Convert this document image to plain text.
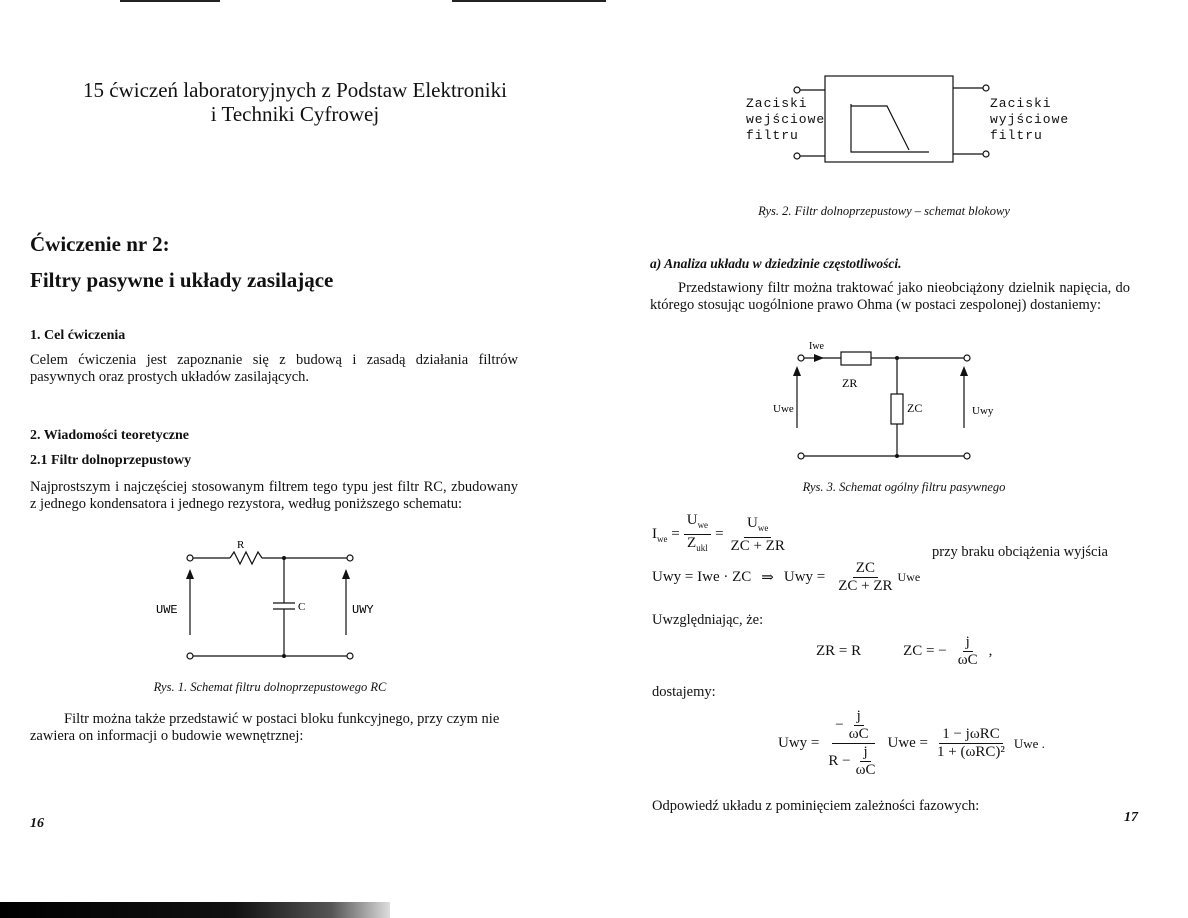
15 ćwiczeń laboratoryjnych z Podstaw Elektroniki
i Techniki Cyfrowej
Ćwiczenie nr 2:
Filtry pasywne i układy zasilające
1. Cel ćwiczenia
Celem ćwiczenia jest zapoznanie się z budową i zasadą działania filtrów pasywnych oraz prostych układów zasilających.
2. Wiadomości teoretyczne
2.1 Filtr dolnoprzepustowy
Najprostszym i najczęściej stosowanym filtrem tego typu jest filtr RC, zbudowany z jednego kondensatora i jednego rezystora, według poniższego schematu:
R
C
UWE	UWY
Rys. 1. Schemat filtru dolnoprzepustowego RC
Filtr można także przedstawić w postaci bloku funkcyjnego, przy czym nie zawiera on informacji o budowie wewnętrznej:
16
Zaciski
wejściowe
filtru
Zaciski
wyjściowe
filtru
Rys. 2. Filtr dolnoprzepustowy – schemat blokowy
a) Analiza układu w dziedzinie częstotliwości.
Przedstawiony filtr można traktować jako nieobciążony dzielnik napięcia, do którego stosując uogólnione prawo Ohma (w postaci zespolonej) dostaniemy:
Iwe
ZR
ZC
Uwe	Uwy
Rys. 3. Schemat ogólny filtru pasywnego
$I_{we} = \frac{U_{we}}{Z_{ukl}} = \frac{U_{we}}{ZC + ZR}$	przy braku obciążenia wyjścia
Uwy = Iwe · ZC ⇒ Uwy = $\frac{ZC}{ZC + ZR}$ Uwe
Uwzględniając, że:
ZR = R	ZC = − $\frac{j}{\omega C}$ ,
dostajemy:
Uwy = $\frac{- \frac{j}{\omega C}}{R - \frac{j}{\omega C}}$ Uwe = $\frac{\text{1 − jωRC}}{\text{1 + (ωRC)²}}$ Uwe .
Odpowiedź układu z pominięciem zależności fazowych:
17
